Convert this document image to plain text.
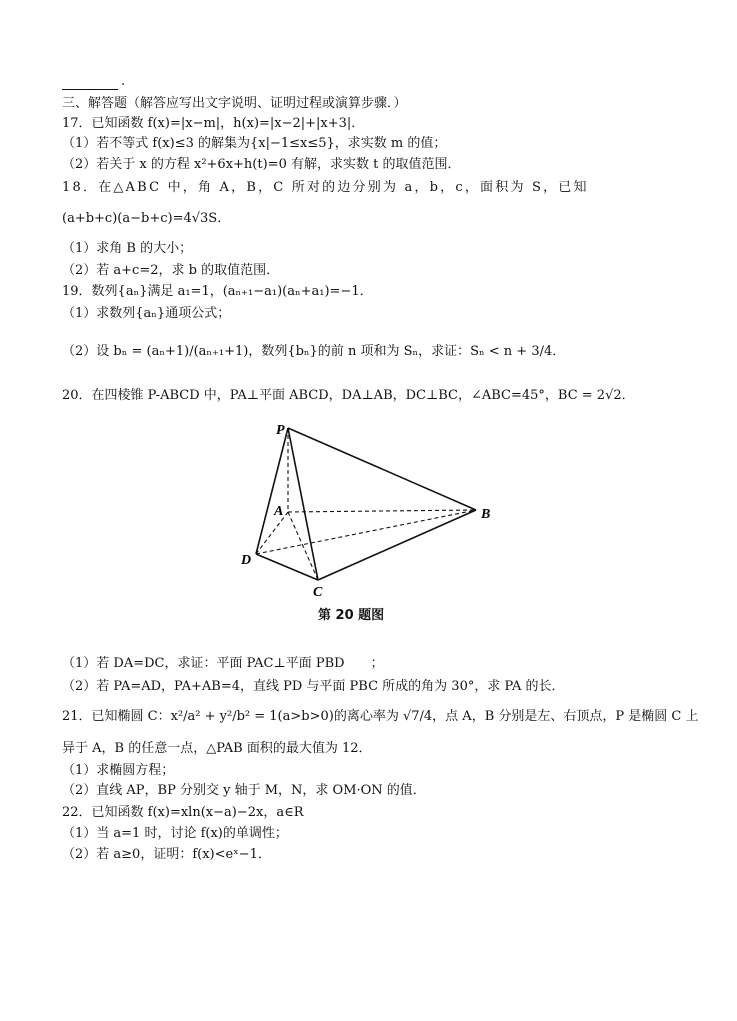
.
三、解答题（解答应写出文字说明、证明过程或演算步骤．）
17．已知函数 f(x)=|x−m|，h(x)=|x−2|+|x+3|．
（1）若不等式 f(x)≤3 的解集为{x|−1≤x≤5}，求实数 m 的值；
（2）若关于 x 的方程 x²+6x+h(t)=0 有解，求实数 t 的取值范围．
18．在△ABC 中，角 A，B，C 所对的边分别为 a，b，c，面积为 S，已知
(a+b+c)(a−b+c)=4√3S．
（1）求角 B 的大小；
（2）若 a+c=2，求 b 的取值范围．
19．数列{aₙ}满足 a₁=1，(aₙ₊₁−a₁)(aₙ+a₁)=−1．
（1）求数列{aₙ}通项公式；
（2）设 bₙ = (aₙ+1)/(aₙ₊₁+1)，数列{bₙ}的前 n 项和为 Sₙ，求证：Sₙ < n + 3/4．
20．在四棱锥 P-ABCD 中，PA⊥平面 ABCD，DA⊥AB，DC⊥BC，∠ABC=45°，BC = 2√2．
P
A	B
C
D
第 20 题图
（1）若 DA=DC，求证：平面 PAC⊥平面 PBD　　；
（2）若 PA=AD，PA+AB=4，直线 PD 与平面 PBC 所成的角为 30°，求 PA 的长．
21．已知椭圆 C：x²/a² + y²/b² = 1(a>b>0)的离心率为 √7/4，点 A，B 分别是左、右顶点，P 是椭圆 C 上
异于 A，B 的任意一点，△PAB 面积的最大值为 12．
（1）求椭圆方程；
（2）直线 AP，BP 分别交 y 轴于 M，N，求 OM·ON 的值．
22．已知函数 f(x)=xln(x−a)−2x，a∈R
（1）当 a=1 时，讨论 f(x)的单调性；
（2）若 a≥0，证明：f(x)<eˣ−1．
